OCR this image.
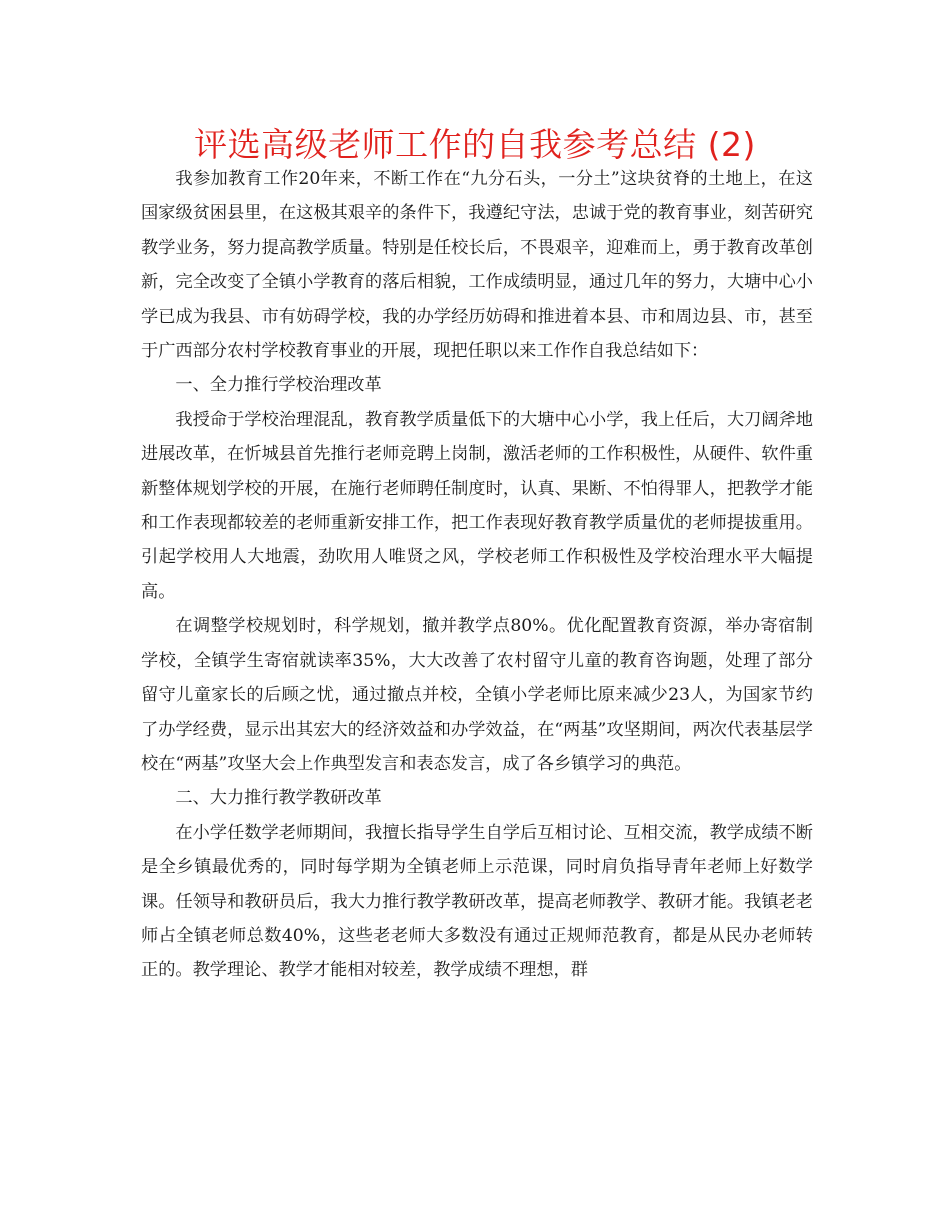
评选高级老师工作的自我参考总结 (2)

我参加教育工作20年来，不断工作在“九分石头，一分土”这块贫脊的土地上，在这国家级贫困县里，在这极其艰辛的条件下，我遵纪守法，忠诚于党的教育事业，刻苦研究教学业务，努力提高教学质量。特别是任校长后，不畏艰辛，迎难而上，勇于教育改革创新，完全改变了全镇小学教育的落后相貌，工作成绩明显，通过几年的努力，大塘中心小学已成为我县、市有妨碍学校，我的办学经历妨碍和推进着本县、市和周边县、市，甚至于广西部分农村学校教育事业的开展，现把任职以来工作作自我总结如下：

一、全力推行学校治理改革

我授命于学校治理混乱，教育教学质量低下的大塘中心小学，我上任后，大刀阔斧地进展改革，在忻城县首先推行老师竞聘上岗制，激活老师的工作积极性，从硬件、软件重新整体规划学校的开展，在施行老师聘任制度时，认真、果断、不怕得罪人，把教学才能和工作表现都较差的老师重新安排工作，把工作表现好教育教学质量优的老师提拔重用。引起学校用人大地震，劲吹用人唯贤之风，学校老师工作积极性及学校治理水平大幅提高。

在调整学校规划时，科学规划，撤并教学点80%。优化配置教育资源，举办寄宿制学校，全镇学生寄宿就读率35%，大大改善了农村留守儿童的教育咨询题，处理了部分留守儿童家长的后顾之忧，通过撤点并校，全镇小学老师比原来减少23人，为国家节约了办学经费，显示出其宏大的经济效益和办学效益，在“两基”攻坚期间，两次代表基层学校在“两基”攻坚大会上作典型发言和表态发言，成了各乡镇学习的典范。

二、大力推行教学教研改革

在小学任数学老师期间，我擅长指导学生自学后互相讨论、互相交流，教学成绩不断是全乡镇最优秀的，同时每学期为全镇老师上示范课，同时肩负指导青年老师上好数学课。任领导和教研员后，我大力推行教学教研改革，提高老师教学、教研才能。我镇老老师占全镇老师总数40%，这些老老师大多数没有通过正规师范教育，都是从民办老师转正的。教学理论、教学才能相对较差，教学成绩不理想，群
